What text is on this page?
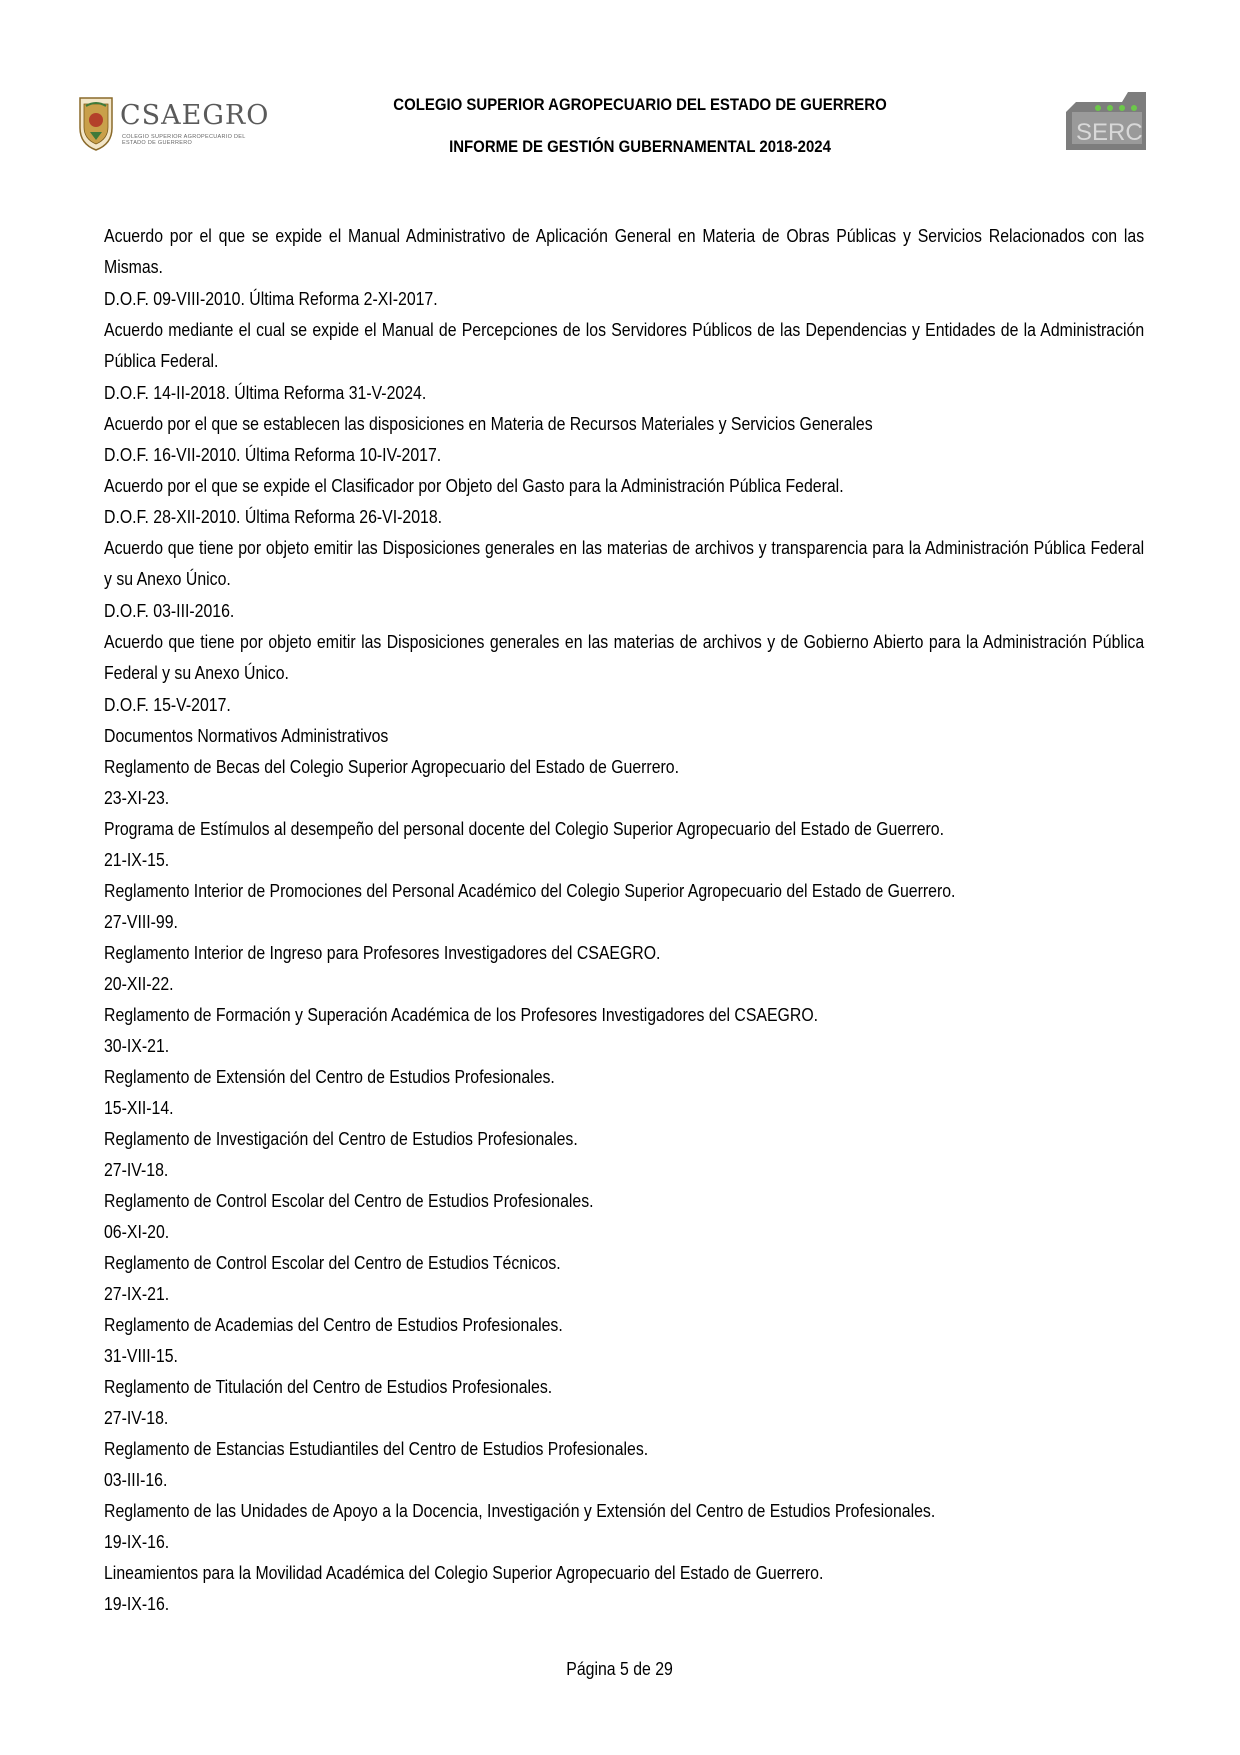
CSAEGRO
COLEGIO SUPERIOR AGROPECUARIO DEL ESTADO DE GUERRERO
COLEGIO SUPERIOR AGROPECUARIO DEL ESTADO DE GUERRERO
INFORME DE GESTIÓN GUBERNAMENTAL 2018-2024
SERC
Acuerdo por el que se expide el Manual Administrativo de Aplicación General en Materia de Obras Públicas y Servicios Relacionados con las Mismas.
D.O.F. 09-VIII-2010. Última Reforma 2-XI-2017.
Acuerdo mediante el cual se expide el Manual de Percepciones de los Servidores Públicos de las Dependencias y Entidades de la Administración Pública Federal.
D.O.F. 14-II-2018. Última Reforma 31-V-2024.
Acuerdo por el que se establecen las disposiciones en Materia de Recursos Materiales y Servicios Generales
D.O.F. 16-VII-2010. Última Reforma 10-IV-2017.
Acuerdo por el que se expide el Clasificador por Objeto del Gasto para la Administración Pública Federal.
D.O.F. 28-XII-2010. Última Reforma 26-VI-2018.
Acuerdo que tiene por objeto emitir las Disposiciones generales en las materias de archivos y transparencia para la Administración Pública Federal y su Anexo Único.
D.O.F. 03-III-2016.
Acuerdo que tiene por objeto emitir las Disposiciones generales en las materias de archivos y de Gobierno Abierto para la Administración Pública Federal y su Anexo Único.
D.O.F. 15-V-2017.
Documentos Normativos Administrativos
Reglamento de Becas del Colegio Superior Agropecuario del Estado de Guerrero.
23-XI-23.
Programa de Estímulos al desempeño del personal docente del Colegio Superior Agropecuario del Estado de Guerrero.
21-IX-15.
Reglamento Interior de Promociones del Personal Académico del Colegio Superior Agropecuario del Estado de Guerrero.
27-VIII-99.
Reglamento Interior de Ingreso para Profesores Investigadores del CSAEGRO.
20-XII-22.
Reglamento de Formación y Superación Académica de los Profesores Investigadores del CSAEGRO.
30-IX-21.
Reglamento de Extensión del Centro de Estudios Profesionales.
15-XII-14.
Reglamento de Investigación del Centro de Estudios Profesionales.
27-IV-18.
Reglamento de Control Escolar del Centro de Estudios Profesionales.
06-XI-20.
Reglamento de Control Escolar del Centro de Estudios Técnicos.
27-IX-21.
Reglamento de Academias del Centro de Estudios Profesionales.
31-VIII-15.
Reglamento de Titulación del Centro de Estudios Profesionales.
27-IV-18.
Reglamento de Estancias Estudiantiles del Centro de Estudios Profesionales.
03-III-16.
Reglamento de las Unidades de Apoyo a la Docencia, Investigación y Extensión del Centro de Estudios Profesionales.
19-IX-16.
Lineamientos para la Movilidad Académica del Colegio Superior Agropecuario del Estado de Guerrero.
19-IX-16.
Página 5 de 29
